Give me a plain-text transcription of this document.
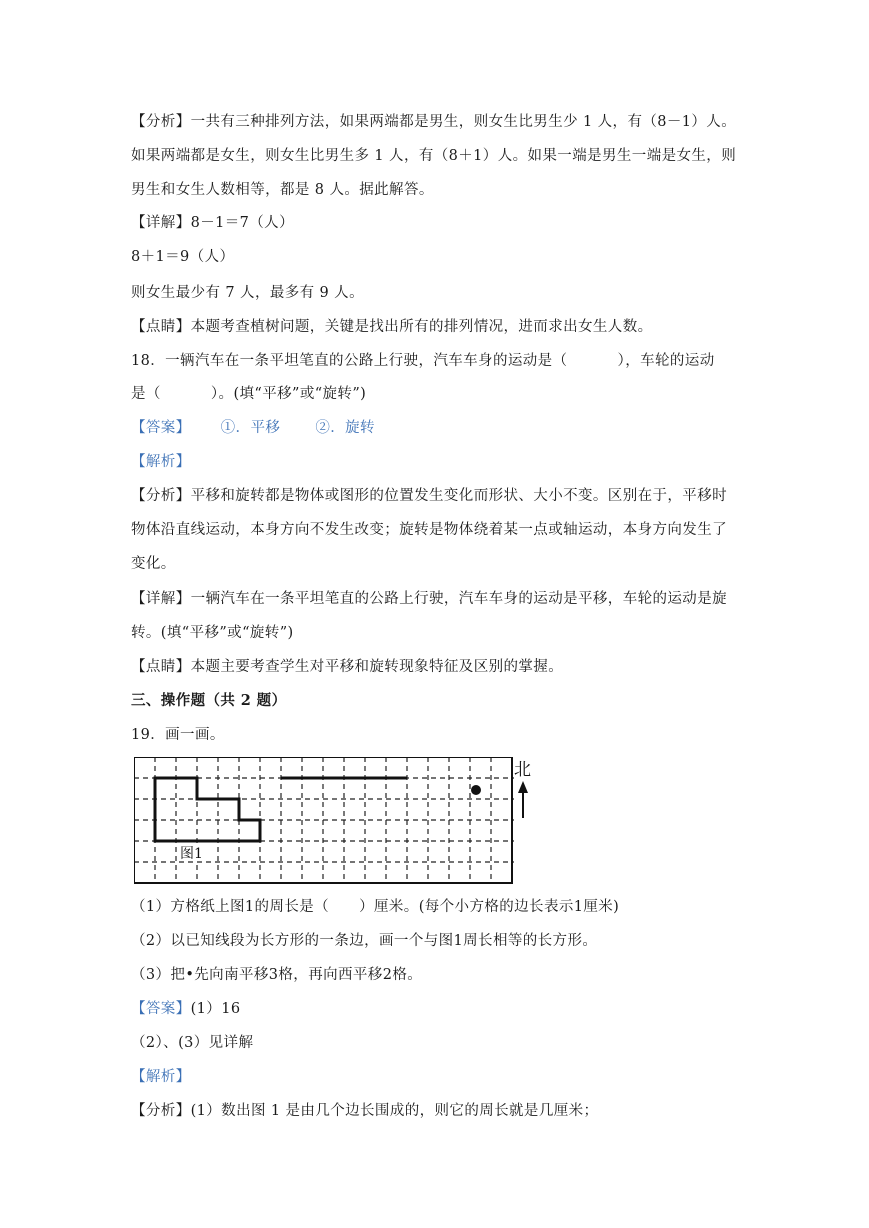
【分析】一共有三种排列方法，如果两端都是男生，则女生比男生少 1 人，有（8－1）人。
如果两端都是女生，则女生比男生多 1 人，有（8＋1）人。如果一端是男生一端是女生，则
男生和女生人数相等，都是 8 人。据此解答。
【详解】8－1＝7（人）
8＋1＝9（人）
则女生最少有 7 人，最多有 9 人。
【点睛】本题考查植树问题，关键是找出所有的排列情况，进而求出女生人数。
18．一辆汽车在一条平坦笔直的公路上行驶，汽车车身的运动是（          ），车轮的运动
是（          ）。(填“平移”或“旋转”)
【答案】      ①．平移       ②．旋转
【解析】
【分析】平移和旋转都是物体或图形的位置发生变化而形状、大小不变。区别在于，平移时
物体沿直线运动，本身方向不发生改变；旋转是物体绕着某一点或轴运动，本身方向发生了
变化。
【详解】一辆汽车在一条平坦笔直的公路上行驶，汽车车身的运动是平移，车轮的运动是旋
转。(填“平移”或“旋转”)
【点睛】本题主要考查学生对平移和旋转现象特征及区别的掌握。
三、操作题（共 2 题）
19．画一画。
图1
北
（1）方格纸上图1的周长是（      ）厘米。(每个小方格的边长表示1厘米)
（2）以已知线段为长方形的一条边，画一个与图1周长相等的长方形。
（3）把•先向南平移3格，再向西平移2格。
【答案】(1）16
（2）、(3）见详解
【解析】
【分析】(1）数出图 1 是由几个边长围成的，则它的周长就是几厘米；
